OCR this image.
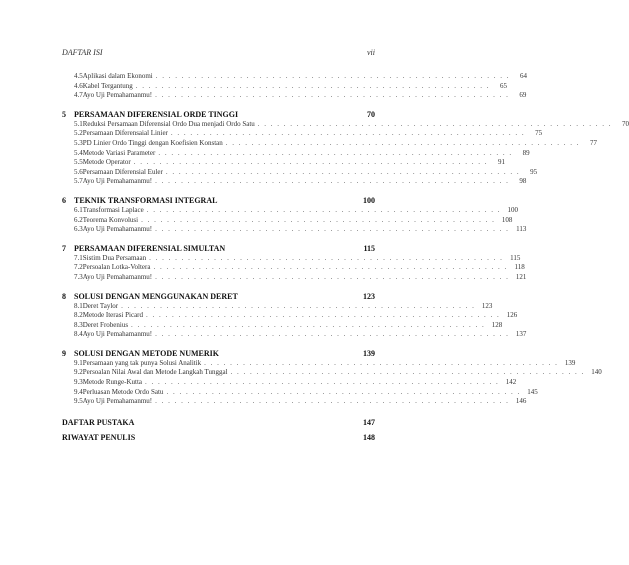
DAFTAR ISI	vii
4.5 Aplikasi dalam Ekonomi . . . . . . . . . . . . . . . . . . . . . . . . . . . . . . . . . . . . . . . . . . . . . . . . . . . . . . .	64
4.6 Kabel Tergantung . . . . . . . . . . . . . . . . . . . . . . . . . . . . . . . . . . . . . . . . . . . . . . . . . . . . . . .	65
4.7 Ayo Uji Pemahamanmu! . . . . . . . . . . . . . . . . . . . . . . . . . . . . . . . . . . . . . . . . . . . . . . . . . . . . . . .	69
5	PERSAMAAN DIFERENSIAL ORDE TINGGI	70
5.1 Reduksi Persamaan Diferensial Ordo Dua menjadi Ordo Satu . . . . . . . . . . . . . . . . . . . . . . . . . . . . . . . . . . . . . . . . . . . . . . . . . . . . . . .	70
5.2 Persamaan Diferensaial Linier . . . . . . . . . . . . . . . . . . . . . . . . . . . . . . . . . . . . . . . . . . . . . . . . . . . . . . .	75
5.3 PD Linier Ordo Tinggi dengan Koefisien Konstan . . . . . . . . . . . . . . . . . . . . . . . . . . . . . . . . . . . . . . . . . . . . . . . . . . . . . . .	77
5.4 Metode Variasi Parameter . . . . . . . . . . . . . . . . . . . . . . . . . . . . . . . . . . . . . . . . . . . . . . . . . . . . . . .	89
5.5 Metode Operator . . . . . . . . . . . . . . . . . . . . . . . . . . . . . . . . . . . . . . . . . . . . . . . . . . . . . . .	91
5.6 Persamaan Diferensial Euler . . . . . . . . . . . . . . . . . . . . . . . . . . . . . . . . . . . . . . . . . . . . . . . . . . . . . . .	95
5.7 Ayo Uji Pemahamanmu! . . . . . . . . . . . . . . . . . . . . . . . . . . . . . . . . . . . . . . . . . . . . . . . . . . . . . . .	98
6	TEKNIK TRANSFORMASI INTEGRAL	100
6.1 Transformasi Laplace . . . . . . . . . . . . . . . . . . . . . . . . . . . . . . . . . . . . . . . . . . . . . . . . . . . . . . . 100
6.2 Teorema Konvolusi . . . . . . . . . . . . . . . . . . . . . . . . . . . . . . . . . . . . . . . . . . . . . . . . . . . . . . . 108
6.3 Ayo Uji Pemahamanmu! . . . . . . . . . . . . . . . . . . . . . . . . . . . . . . . . . . . . . . . . . . . . . . . . . . . . . . . 113
7	PERSAMAAN DIFERENSIAL SIMULTAN	115
7.1 Sistim Dua Persamaan . . . . . . . . . . . . . . . . . . . . . . . . . . . . . . . . . . . . . . . . . . . . . . . . . . . . . . . 115
7.2 Persoalan Lotka-Voltera . . . . . . . . . . . . . . . . . . . . . . . . . . . . . . . . . . . . . . . . . . . . . . . . . . . . . . . 118
7.3 Ayo Uji Pemahamanmu! . . . . . . . . . . . . . . . . . . . . . . . . . . . . . . . . . . . . . . . . . . . . . . . . . . . . . . . 121
8	SOLUSI DENGAN MENGGUNAKAN DERET	123
8.1 Deret Taylor . . . . . . . . . . . . . . . . . . . . . . . . . . . . . . . . . . . . . . . . . . . . . . . . . . . . . . . 123
8.2 Metode Iterasi Picard . . . . . . . . . . . . . . . . . . . . . . . . . . . . . . . . . . . . . . . . . . . . . . . . . . . . . . . 126
8.3 Deret Frobenius . . . . . . . . . . . . . . . . . . . . . . . . . . . . . . . . . . . . . . . . . . . . . . . . . . . . . . . 128
8.4 Ayo Uji Pemahamanmu! . . . . . . . . . . . . . . . . . . . . . . . . . . . . . . . . . . . . . . . . . . . . . . . . . . . . . . . 137
9	SOLUSI DENGAN METODE NUMERIK	139
9.1 Persamaan yang tak punya Solusi Analitik . . . . . . . . . . . . . . . . . . . . . . . . . . . . . . . . . . . . . . . . . . . . . . . . . . . . . . . 139
9.2 Persoalan Nilai Awal dan Metode Langkah Tunggal . . . . . . . . . . . . . . . . . . . . . . . . . . . . . . . . . . . . . . . . . . . . . . . . . . . . . . . 140
9.3 Metode Runge-Kutta . . . . . . . . . . . . . . . . . . . . . . . . . . . . . . . . . . . . . . . . . . . . . . . . . . . . . . . 142
9.4 Perluasan Metode Ordo Satu . . . . . . . . . . . . . . . . . . . . . . . . . . . . . . . . . . . . . . . . . . . . . . . . . . . . . . . 145
9.5 Ayo Uji Pemahamanmu! . . . . . . . . . . . . . . . . . . . . . . . . . . . . . . . . . . . . . . . . . . . . . . . . . . . . . . . 146
DAFTAR PUSTAKA	147
RIWAYAT PENULIS	148
